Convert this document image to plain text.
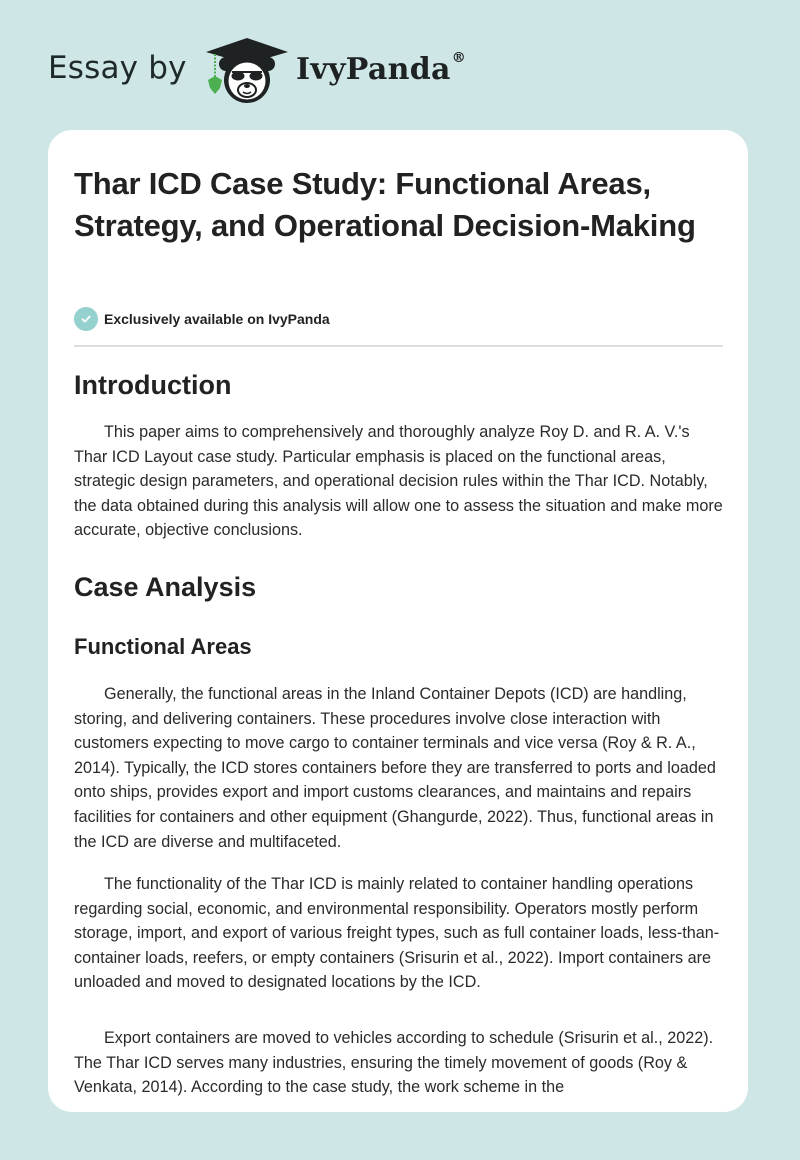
Essay by	IvyPanda®
Thar ICD Case Study: Functional Areas, Strategy, and Operational Decision-Making
Exclusively available on IvyPanda
Introduction

This paper aims to comprehensively and thoroughly analyze Roy D. and R. A. V.'s Thar ICD Layout case study. Particular emphasis is placed on the functional areas, strategic design parameters, and operational decision rules within the Thar ICD. Notably, the data obtained during this analysis will allow one to assess the situation and make more accurate, objective conclusions.

Case Analysis
Functional Areas

Generally, the functional areas in the Inland Container Depots (ICD) are handling, storing, and delivering containers. These procedures involve close interaction with customers expecting to move cargo to container terminals and vice versa (Roy & R. A., 2014). Typically, the ICD stores containers before they are transferred to ports and loaded onto ships, provides export and import customs clearances, and maintains and repairs facilities for containers and other equipment (Ghangurde, 2022). Thus, functional areas in the ICD are diverse and multifaceted.

The functionality of the Thar ICD is mainly related to container handling operations regarding social, economic, and environmental responsibility. Operators mostly perform storage, import, and export of various freight types, such as full container loads, less-than-container loads, reefers, or empty containers (Srisurin et al., 2022). Import containers are unloaded and moved to designated locations by the ICD.

Export containers are moved to vehicles according to schedule (Srisurin et al., 2022). The Thar ICD serves many industries, ensuring the timely movement of goods (Roy & Venkata, 2014). According to the case study, the work scheme in the
